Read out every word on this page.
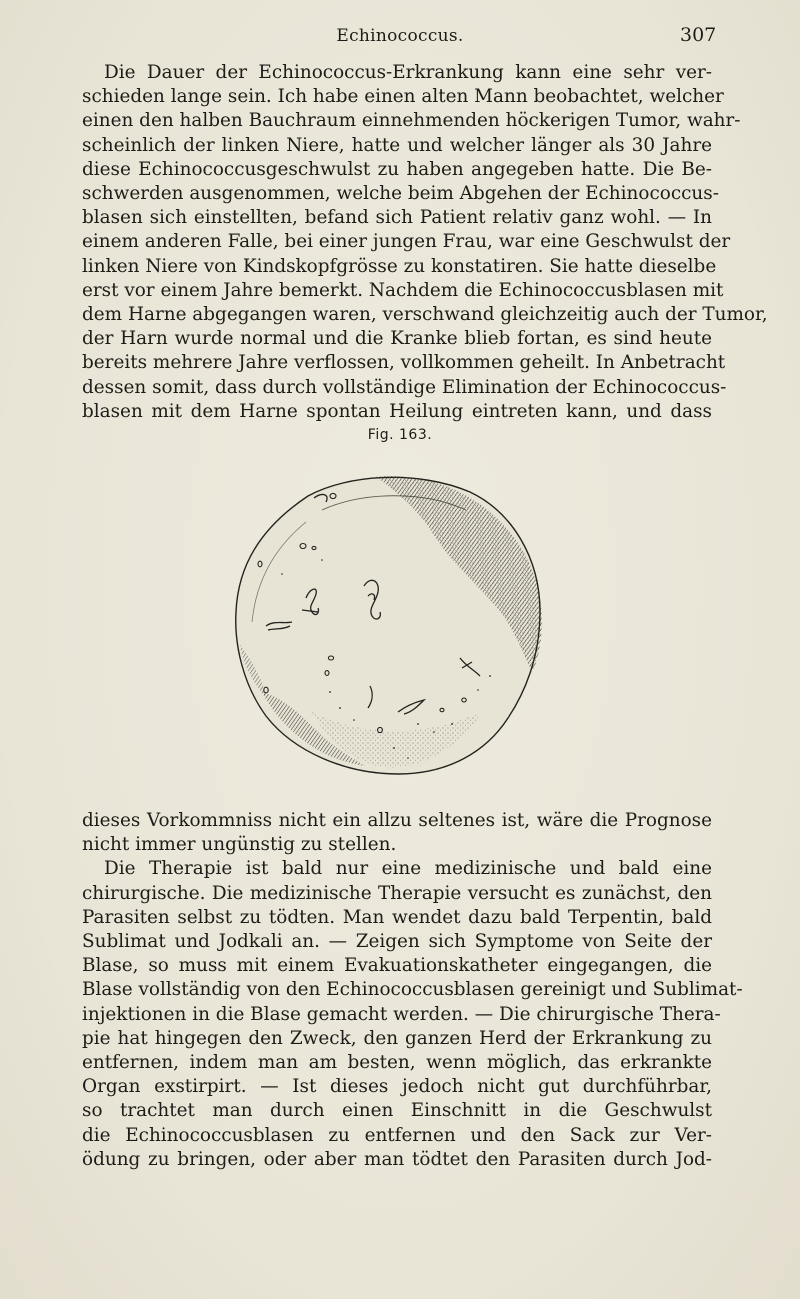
Echinococcus.	307
Die Dauer der Echinococcus-Erkrankung kann eine sehr ver-
schieden lange sein. Ich habe einen alten Mann beobachtet, welcher
einen den halben Bauchraum einnehmenden höckerigen Tumor, wahr-
scheinlich der linken Niere, hatte und welcher länger als 30 Jahre
diese Echinococcusgeschwulst zu haben angegeben hatte. Die Be-
schwerden ausgenommen, welche beim Abgehen der Echinococcus-
blasen sich einstellten, befand sich Patient relativ ganz wohl. — In
einem anderen Falle, bei einer jungen Frau, war eine Geschwulst der
linken Niere von Kindskopfgrösse zu konstatiren. Sie hatte dieselbe
erst vor einem Jahre bemerkt. Nachdem die Echinococcusblasen mit
dem Harne abgegangen waren, verschwand gleichzeitig auch der Tumor,
der Harn wurde normal und die Kranke blieb fortan, es sind heute
bereits mehrere Jahre verflossen, vollkommen geheilt. In Anbetracht
dessen somit, dass durch vollständige Elimination der Echinococcus-
blasen mit dem Harne spontan Heilung eintreten kann, und dass
Fig. 163.
dieses Vorkommniss nicht ein allzu seltenes ist, wäre die Prognose
nicht immer ungünstig zu stellen.
Die Therapie ist bald nur eine medizinische und bald eine
chirurgische. Die medizinische Therapie versucht es zunächst, den
Parasiten selbst zu tödten. Man wendet dazu bald Terpentin, bald
Sublimat und Jodkali an. — Zeigen sich Symptome von Seite der
Blase, so muss mit einem Evakuationskatheter eingegangen, die
Blase vollständig von den Echinococcusblasen gereinigt und Sublimat-
injektionen in die Blase gemacht werden. — Die chirurgische Thera-
pie hat hingegen den Zweck, den ganzen Herd der Erkrankung zu
entfernen, indem man am besten, wenn möglich, das erkrankte
Organ exstirpirt. — Ist dieses jedoch nicht gut durchführbar,
so trachtet man durch einen Einschnitt in die Geschwulst
die Echinococcusblasen zu entfernen und den Sack zur Ver-
ödung zu bringen, oder aber man tödtet den Parasiten durch Jod-
